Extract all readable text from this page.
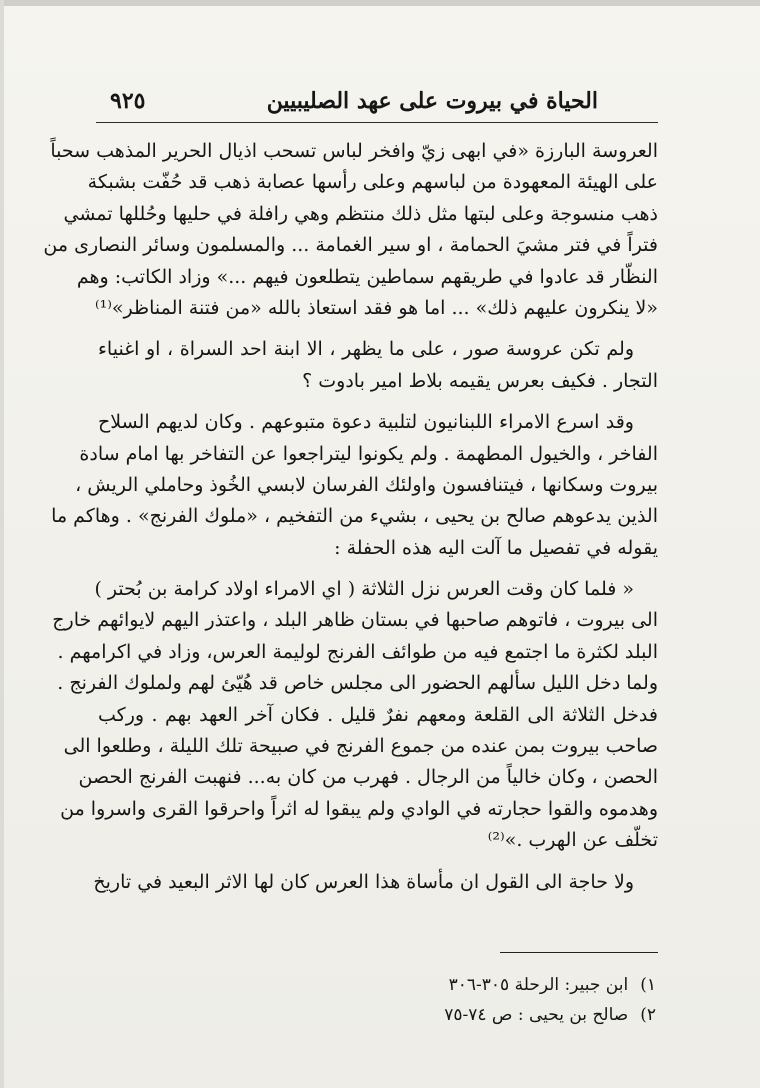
الحياة في بيروت على عهد الصليبيين
٩٢٥
العروسة البارزة «في ابهى زيّ وافخر لباس تسحب اذيال الحرير المذهب سحباً
على الهيئة المعهودة من لباسهم وعلى رأسها عصابة ذهب قد حُفّت بشبكة
ذهب منسوجة وعلى لبتها مثل ذلك منتظم وهي رافلة في حليها وحُللها تمشي
فتراً في فتر مشيَ الحمامة ، او سير الغمامة ... والمسلمون وسائر النصارى من
النظّار قد عادوا في طريقهم سماطين يتطلعون فيهم ...» وزاد الكاتب: وهم
«لا ينكرون عليهم ذلك» ... اما هو فقد استعاذ بالله «من فتنة المناظر»⁽¹⁾
ولم تكن عروسة صور ، على ما يظهر ، الا ابنة احد السراة ، او اغنياء
التجار . فكيف بعرس يقيمه بلاط امير بادوت ؟
وقد اسرع الامراء اللبنانيون لتلبية دعوة متبوعهم . وكان لديهم السلاح
الفاخر ، والخيول المطهمة . ولم يكونوا ليتراجعوا عن التفاخر بها امام سادة
بيروت وسكانها ، فيتنافسون واولئك الفرسان لابسي الخُوذ وحاملي الريش ،
الذين يدعوهم صالح بن يحيى ، بشيء من التفخيم ، «ملوك الفرنج» . وهاكم ما
يقوله في تفصيل ما آلت اليه هذه الحفلة :
« فلما كان وقت العرس نزل الثلاثة ( اي الامراء اولاد كرامة بن بُحتر )
الى بيروت ، فاتوهم صاحبها في بستان ظاهر البلد ، واعتذر اليهم لايوائهم خارج
البلد لكثرة ما اجتمع فيه من طوائف الفرنج لوليمة العرس، وزاد في اكرامهم .
ولما دخل الليل سألهم الحضور الى مجلس خاص قد هُيّئ لهم ولملوك الفرنج .
فدخل الثلاثة الى القلعة ومعهم نفرٌ قليل . فكان آخر العهد بهم . وركب
صاحب بيروت بمن عنده من جموع الفرنج في صبيحة تلك الليلة ، وطلعوا الى
الحصن ، وكان خالياً من الرجال . فهرب من كان به... فنهبت الفرنج الحصن
وهدموه والقوا حجارته في الوادي ولم يبقوا له اثراً واحرقوا القرى واسروا من
تخلّف عن الهرب .»⁽²⁾
ولا حاجة الى القول ان مأساة هذا العرس كان لها الاثر البعيد في تاريخ
١)ابن جبير: الرحلة ٣٠٥-٣٠٦
٢)صالح بن يحيى : ص ٧٤-٧٥
